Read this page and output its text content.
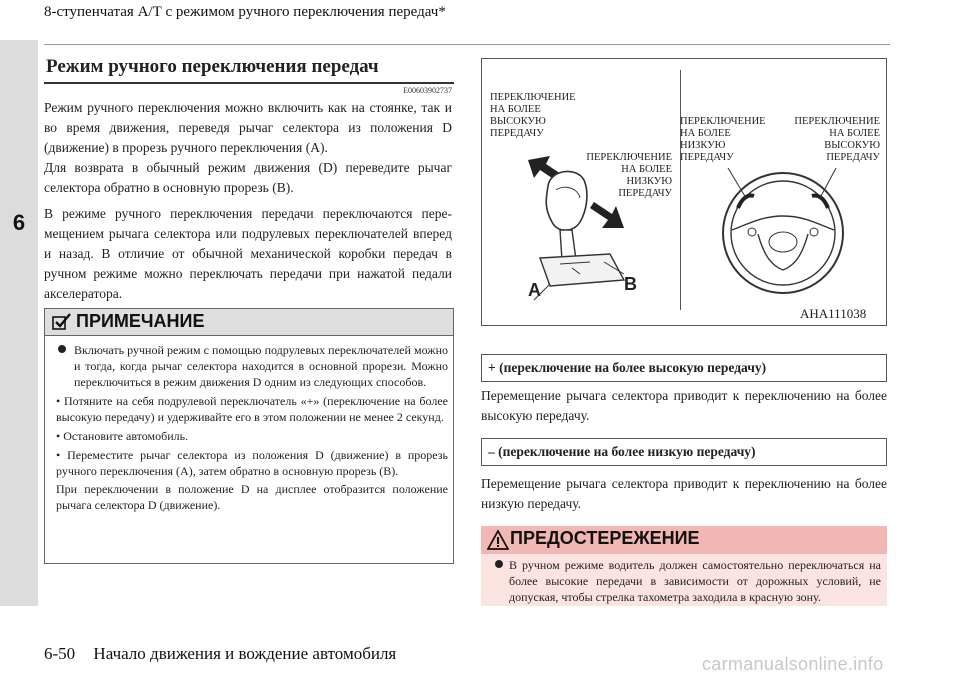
8-ступенчатая А/Т с режимом ручного переключения передач*
6
Режим ручного переключения передач
E00603902737
Режим ручного переключения можно включить как на стоянке, так и во время движения, переведя рычаг селектора из положения D (движение) в прорезь ручного переключения (A).
Для возврата в обычный режим движения (D) переведите рычаг селектора обратно в основную прорезь (B).
В режиме ручного переключения передачи переключаются пере- мещением рычага селектора или подрулевых переключателей вперед и назад. В отличие от обычной механической коробки передач в ручном режиме можно переключать передачи при нажатой педали акселератора.
ПРИМЕЧАНИЕ
Включать ручной режим с помощью подрулевых переключателей можно и тогда, когда рычаг селектора находится в основной прорези. Можно переключиться в режим движения D одним из следующих способов.
• Потяните на себя подрулевой переключатель «+» (переключение на более высокую передачу) и удерживайте его в этом положении не менее 2 секунд.
• Остановите автомобиль.
• Переместите рычаг селектора из положения D (движение) в прорезь ручного переключения (A), затем обратно в основную прорезь (B).
При переключении в положение D на дисплее отобразится положение рычага селектора D (движение).
ПЕРЕКЛЮЧЕНИЕ
НА БОЛЕЕ
ВЫСОКУЮ
ПЕРЕДАЧУ
ПЕРЕКЛЮЧЕНИЕ
НА БОЛЕЕ
НИЗКУЮ
ПЕРЕДАЧУ
ПЕРЕКЛЮЧЕНИЕ
НА БОЛЕЕ
НИЗКУЮ
ПЕРЕДАЧУ
ПЕРЕКЛЮЧЕНИЕ
НА БОЛЕЕ
ВЫСОКУЮ
ПЕРЕДАЧУ
A	B
AHA111038
+ (переключение на более высокую передачу)
Перемещение рычага селектора приводит к переключению на более высокую передачу.
– (переключение на более низкую передачу)
Перемещение рычага селектора приводит к переключению на более низкую передачу.
ПРЕДОСТЕРЕЖЕНИЕ
В ручном режиме водитель должен самостоятельно переключаться на более высокие передачи в зависимости от дорожных условий, не допуская, чтобы стрелка тахометра заходила в красную зону.
6-50 Начало движения и вождение автомобиля
carmanualsonline.info
